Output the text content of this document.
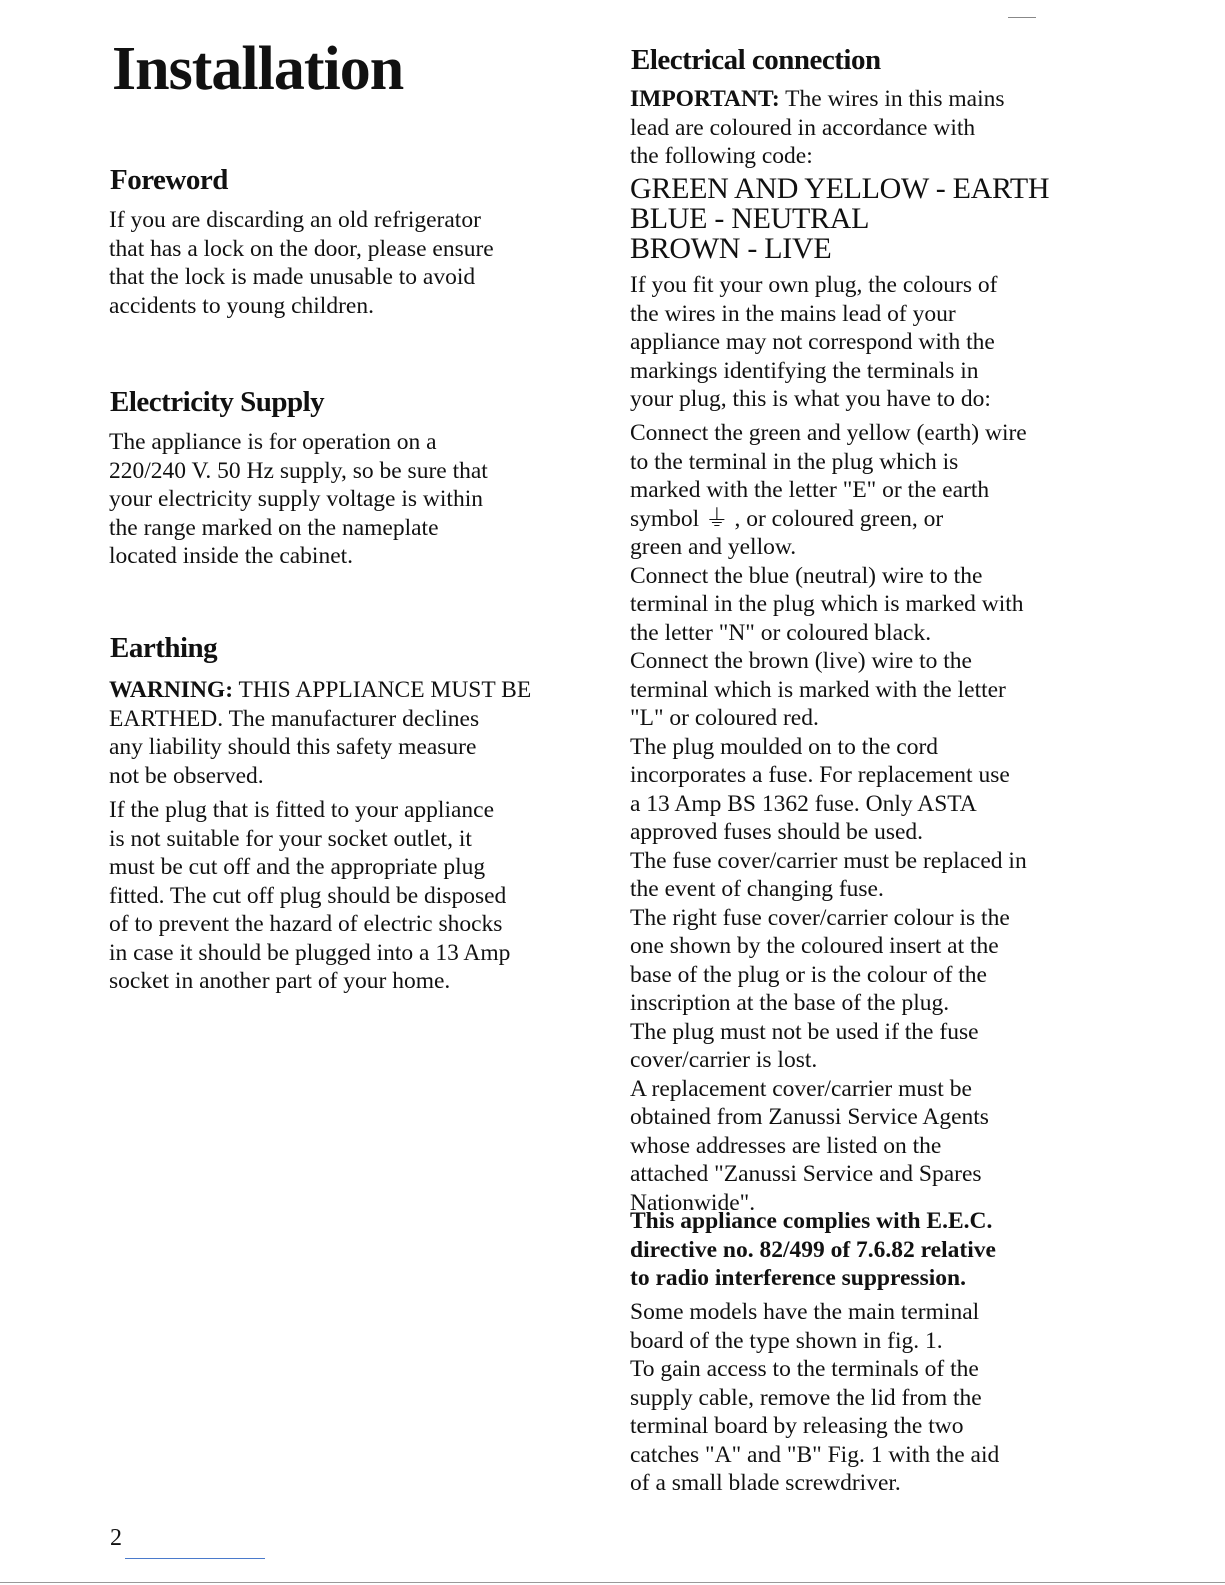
Installation
Foreword

If you are discarding an old refrigerator
that has a lock on the door, please ensure
that the lock is made unusable to avoid
accidents to young children.

Electricity Supply

The appliance is for operation on a
220/240 V. 50 Hz supply, so be sure that
your electricity supply voltage is within
the range marked on the nameplate
located inside the cabinet.

Earthing

WARNING: THIS APPLIANCE MUST BE
EARTHED. The manufacturer declines
any liability should this safety measure
not be observed.

If the plug that is fitted to your appliance
is not suitable for your socket outlet, it
must be cut off and the appropriate plug
fitted. The cut off plug should be disposed
of to prevent the hazard of electric shocks
in case it should be plugged into a 13 Amp
socket in another part of your home.

Electrical connection

IMPORTANT: The wires in this mains
lead are coloured in accordance with
the following code:

GREEN AND YELLOW - EARTH
BLUE - NEUTRAL
BROWN - LIVE

If you fit your own plug, the colours of
the wires in the mains lead of your
appliance may not correspond with the
markings identifying the terminals in
your plug, this is what you have to do:

Connect the green and yellow (earth) wire
to the terminal in the plug which is
marked with the letter "E" or the earth
symbol ⏚ , or coloured green, or
green and yellow.
Connect the blue (neutral) wire to the
terminal in the plug which is marked with
the letter "N" or coloured black.
Connect the brown (live) wire to the
terminal which is marked with the letter
"L" or coloured red.
The plug moulded on to the cord
incorporates a fuse. For replacement use
a 13 Amp BS 1362 fuse. Only ASTA
approved fuses should be used.
The fuse cover/carrier must be replaced in
the event of changing fuse.
The right fuse cover/carrier colour is the
one shown by the coloured insert at the
base of the plug or is the colour of the
inscription at the base of the plug.
The plug must not be used if the fuse
cover/carrier is lost.
A replacement cover/carrier must be
obtained from Zanussi Service Agents
whose addresses are listed on the
attached "Zanussi Service and Spares
Nationwide".

This appliance complies with E.E.C.
directive no. 82/499 of 7.6.82 relative
to radio interference suppression.

Some models have the main terminal
board of the type shown in fig. 1.
To gain access to the terminals of the
supply cable, remove the lid from the
terminal board by releasing the two
catches "A" and "B" Fig. 1 with the aid
of a small blade screwdriver.

2
